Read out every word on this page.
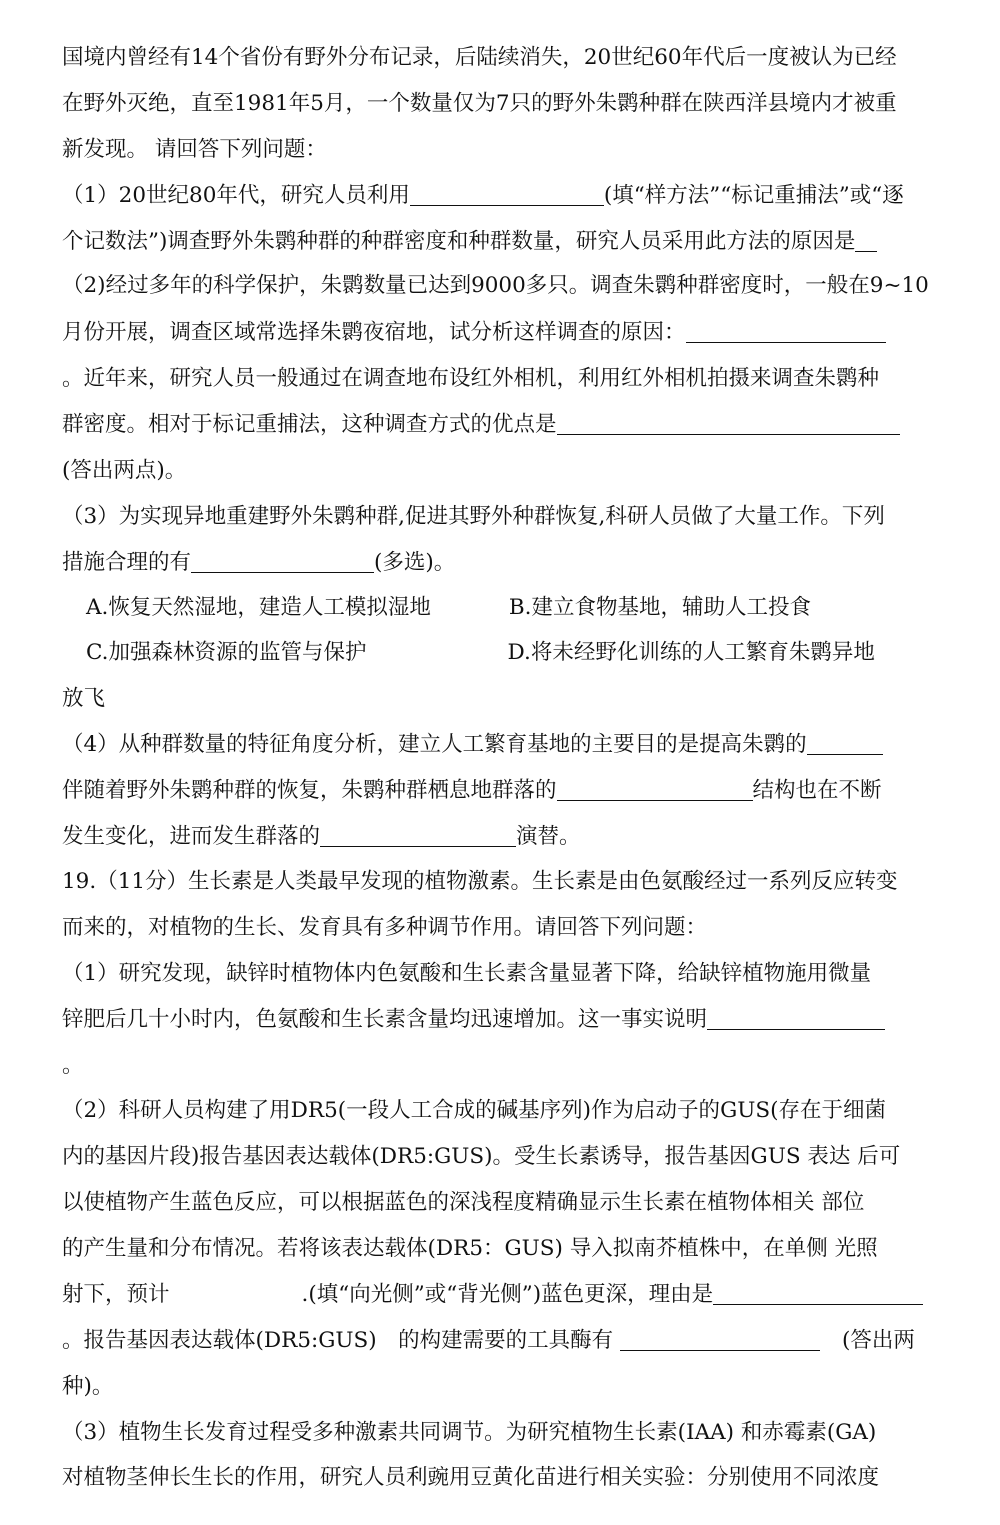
国境内曾经有14个省份有野外分布记录，后陆续消失，20世纪60年代后一度被认为已经
在野外灭绝，直至1981年5月，一个数量仅为7只的野外朱鹮种群在陕西洋县境内才被重
新发现。 请回答下列问题：
（1）20世纪80年代，研究人员利用	(填“样方法”“标记重捕法”或“逐
个记数法”)调查野外朱鹮种群的种群密度和种群数量，研究人员采用此方法的原因是
（2)经过多年的科学保护，朱鹮数量已达到9000多只。调查朱鹮种群密度时，一般在9~10
月份开展，调查区域常选择朱鹮夜宿地，试分析这样调查的原因：
。近年来，研究人员一般通过在调查地布设红外相机，利用红外相机拍摄来调查朱鹮种
群密度。相对于标记重捕法，这种调查方式的优点是
(答出两点)。
（3）为实现异地重建野外朱鹮种群,促进其野外种群恢复,科研人员做了大量工作。下列
措施合理的有	(多选)。
A.恢复天然湿地，建造人工模拟湿地	B.建立食物基地，辅助人工投食
C.加强森林资源的监管与保护	D.将未经野化训练的人工繁育朱鹮异地
放飞
（4）从种群数量的特征角度分析，建立人工繁育基地的主要目的是提高朱鹮的
伴随着野外朱鹮种群的恢复，朱鹮种群栖息地群落的	结构也在不断
发生变化，进而发生群落的	演替。
19.（11分）生长素是人类最早发现的植物激素。生长素是由色氨酸经过一系列反应转变
而来的，对植物的生长、发育具有多种调节作用。请回答下列问题：
（1）研究发现，缺锌时植物体内色氨酸和生长素含量显著下降，给缺锌植物施用微量
锌肥后几十小时内，色氨酸和生长素含量均迅速增加。这一事实说明
。
（2）科研人员构建了用DR5(一段人工合成的碱基序列)作为启动子的GUS(存在于细菌
内的基因片段)报告基因表达载体(DR5:GUS)。受生长素诱导，报告基因GUS 表达 后可
以使植物产生蓝色反应，可以根据蓝色的深浅程度精确显示生长素在植物体相关 部位
的产生量和分布情况。若将该表达载体(DR5：GUS) 导入拟南芥植株中，在单侧 光照
射下，预计	.(填“向光侧”或“背光侧”)蓝色更深，理由是
。报告基因表达载体(DR5:GUS)　的构建需要的工具酶有	(答出两
种)。
（3）植物生长发育过程受多种激素共同调节。为研究植物生长素(IAA) 和赤霉素(GA)
对植物茎伸长生长的作用，研究人员利豌用豆黄化苗进行相关实验：分别使用不同浓度
